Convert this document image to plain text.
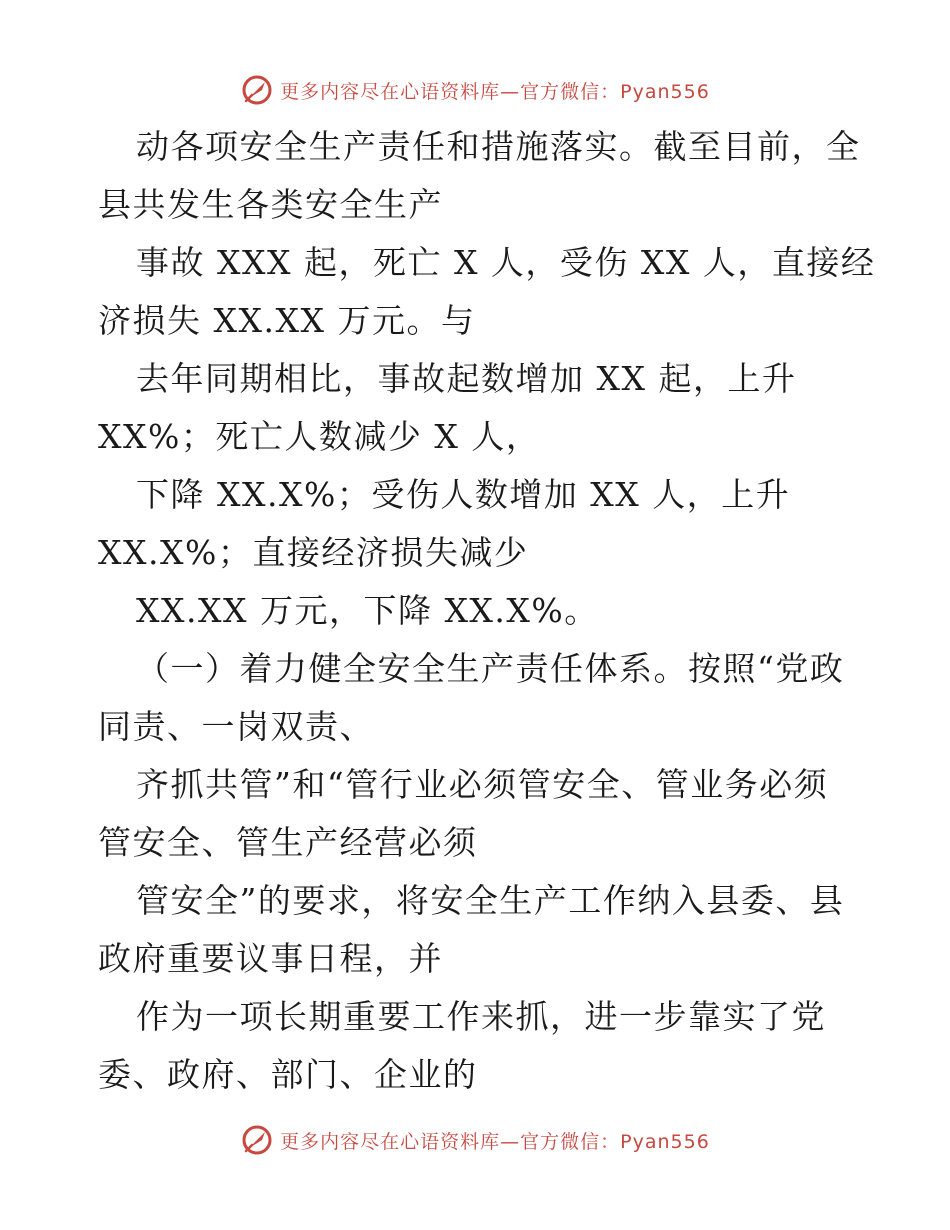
更多内容尽在心语资料库—官方微信：Pyan556
动各项安全生产责任和措施落实。截至目前，全
县共发生各类安全生产
事故 XXX 起，死亡 X 人，受伤 XX 人，直接经
济损失 XX.XX 万元。与
去年同期相比，事故起数增加 XX 起，上升
XX%；死亡人数减少 X 人，
下降 XX.X%；受伤人数增加 XX 人，上升
XX.X%；直接经济损失减少
XX.XX 万元，下降 XX.X%。
（一）着力健全安全生产责任体系。按照“党政
同责、一岗双责、
齐抓共管”和“管行业必须管安全、管业务必须
管安全、管生产经营必须
管安全”的要求，将安全生产工作纳入县委、县
政府重要议事日程，并
作为一项长期重要工作来抓，进一步靠实了党
委、政府、部门、企业的
更多内容尽在心语资料库—官方微信：Pyan556
